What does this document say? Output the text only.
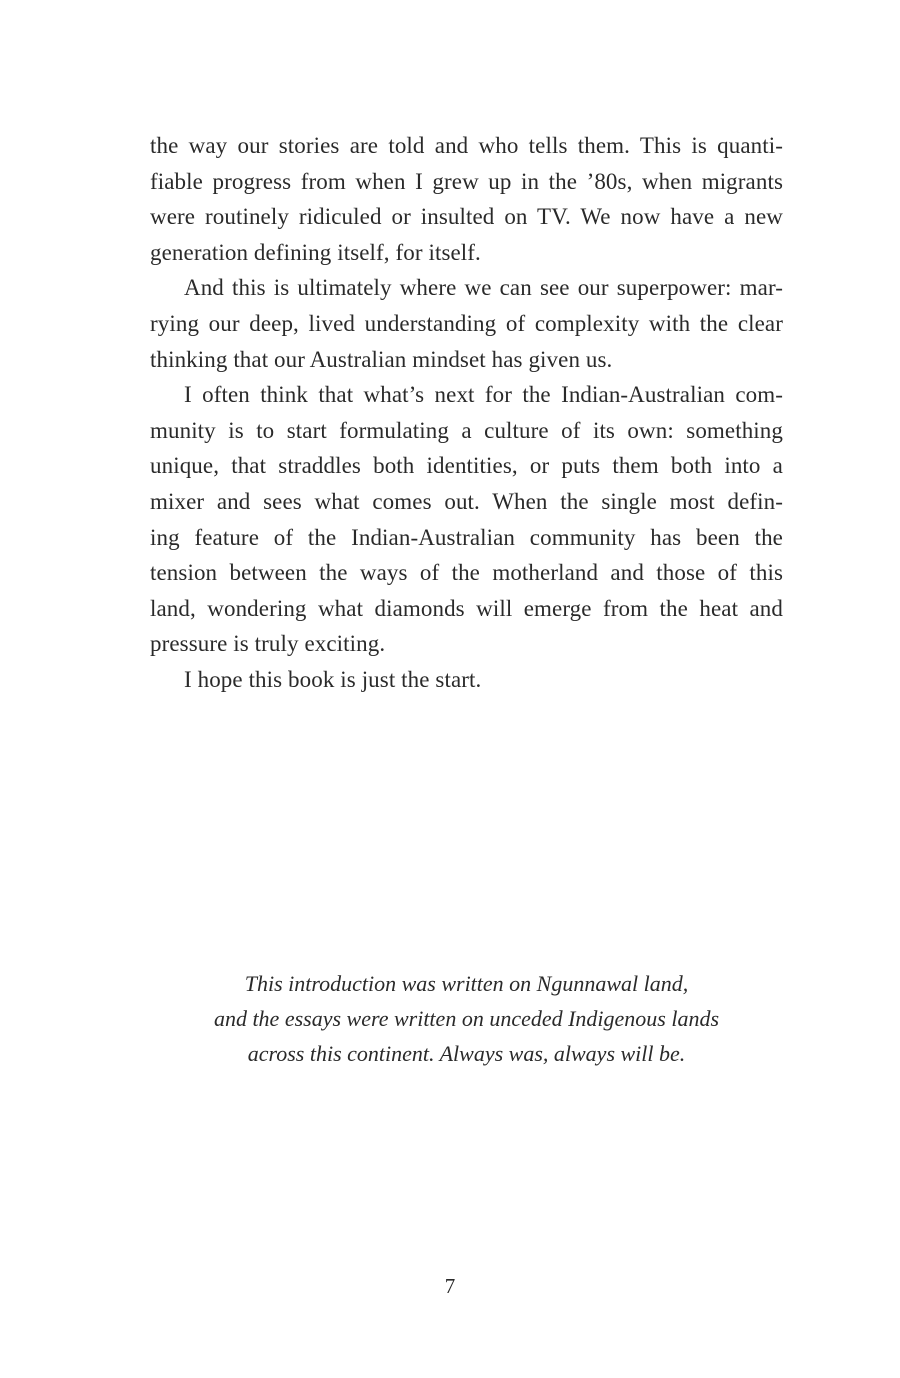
the way our stories are told and who tells them. This is quanti-
fiable progress from when I grew up in the ’80s, when migrants
were routinely ridiculed or insulted on TV. We now have a new
generation defining itself, for itself.
And this is ultimately where we can see our superpower: mar-
rying our deep, lived understanding of complexity with the clear
thinking that our Australian mindset has given us.
I often think that what’s next for the Indian-Australian com-
munity is to start formulating a culture of its own: something
unique, that straddles both identities, or puts them both into a
mixer and sees what comes out. When the single most defin-
ing feature of the Indian-Australian community has been the
tension between the ways of the motherland and those of this
land, wondering what diamonds will emerge from the heat and
pressure is truly exciting.
I hope this book is just the start.
This introduction was written on Ngunnawal land,
and the essays were written on unceded Indigenous lands
across this continent. Always was, always will be.
7
